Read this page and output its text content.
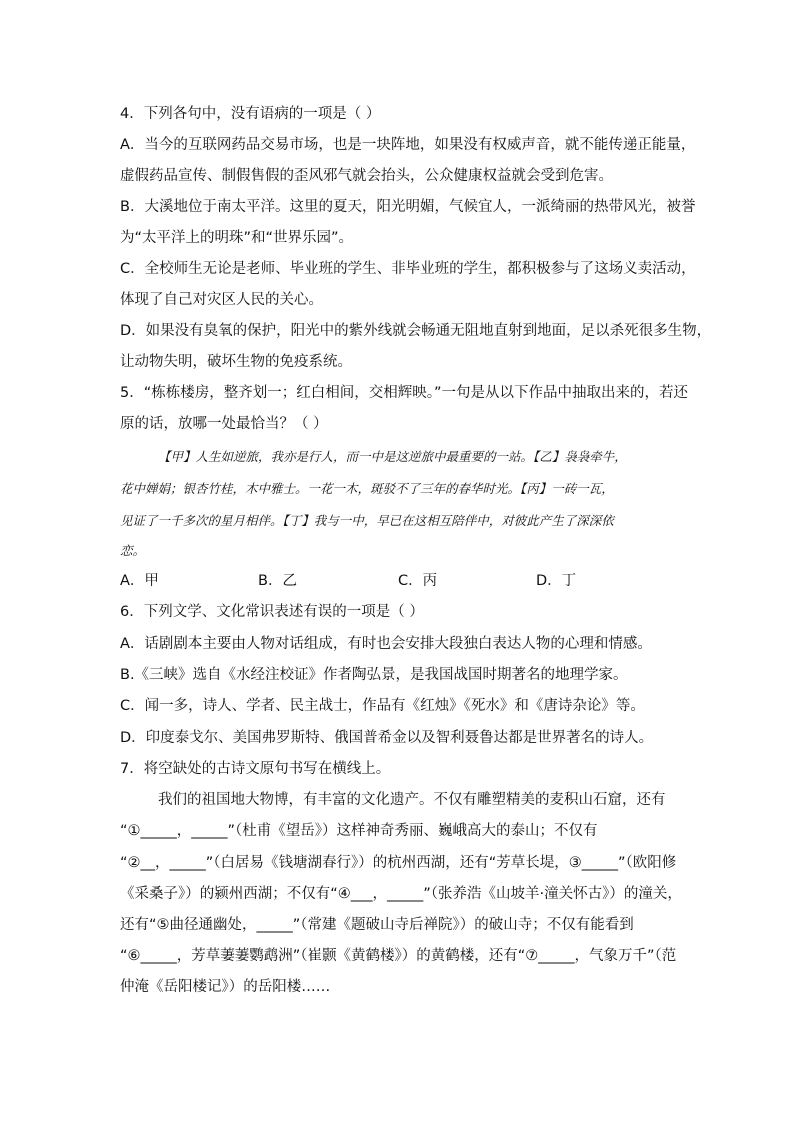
4．下列各句中，没有语病的一项是（ ）
A．当今的互联网药品交易市场，也是一块阵地，如果没有权威声音，就不能传递正能量，
虚假药品宣传、制假售假的歪风邪气就会抬头，公众健康权益就会受到危害。
B．大溪地位于南太平洋。这里的夏天，阳光明媚，气候宜人，一派绮丽的热带风光，被誉
为“太平洋上的明珠”和“世界乐园”。
C．全校师生无论是老师、毕业班的学生、非毕业班的学生，都积极参与了这场义卖活动，
体现了自己对灾区人民的关心。
D．如果没有臭氧的保护，阳光中的紫外线就会畅通无阻地直射到地面，足以杀死很多生物，
让动物失明，破坏生物的免疫系统。
5．“栋栋楼房，整齐划一；红白相间，交相辉映。”一句是从以下作品中抽取出来的，若还
原的话，放哪一处最恰当？（ ）
【甲】人生如逆旅，我亦是行人，而一中是这逆旅中最重要的一站。【乙】袅袅牵牛，
花中婵娟；银杏竹桂，木中雅士。一花一木，斑驳不了三年的春华时光。【丙】一砖一瓦，
见证了一千多次的星月相伴。【丁】我与一中，早已在这相互陪伴中，对彼此产生了深深依
恋。
A．甲	B．乙	C．丙	D．丁
6．下列文学、文化常识表述有误的一项是（ ）
A．话剧剧本主要由人物对话组成，有时也会安排大段独白表达人物的心理和情感。
B.《三峡》选自《水经注校证》作者陶弘景，是我国战国时期著名的地理学家。
C．闻一多，诗人、学者、民主战士，作品有《红烛》《死水》和《唐诗杂论》等。
D．印度泰戈尔、美国弗罗斯特、俄国普希金以及智利聂鲁达都是世界著名的诗人。
7．将空缺处的古诗文原句书写在横线上。
我们的祖国地大物博，有丰富的文化遗产。不仅有雕塑精美的麦积山石窟，还有
“①_____，_____”（杜甫《望岳》）这样神奇秀丽、巍峨高大的泰山；不仅有
“②__，_____”（白居易《钱塘湖春行》）的杭州西湖，还有“芳草长堤，③_____”（欧阳修
《采桑子》）的颍州西湖；不仅有“④___，_____”（张养浩《山坡羊·潼关怀古》）的潼关，
还有“⑤曲径通幽处，_____”（常建《题破山寺后禅院》）的破山寺；不仅有能看到
“⑥_____，芳草萋萋鹦鹉洲”（崔颢《黄鹤楼》）的黄鹤楼，还有“⑦_____，气象万千”（范
仲淹《岳阳楼记》）的岳阳楼……
